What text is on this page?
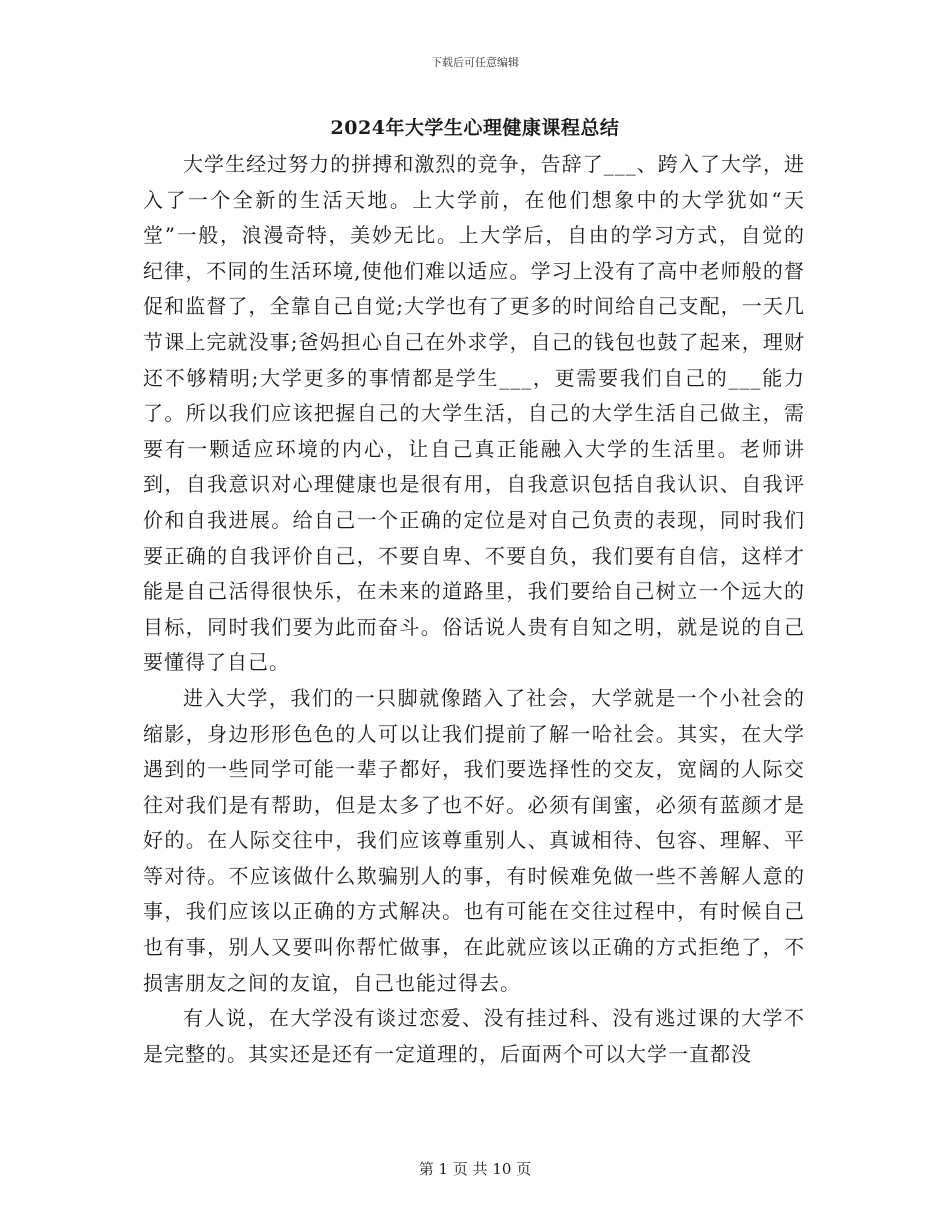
下载后可任意编辑
2024年大学生心理健康课程总结

大学生经过努力的拼搏和激烈的竞争，告辞了___、跨入了大学，进入了一个全新的生活天地。上大学前，在他们想象中的大学犹如“天堂”一般，浪漫奇特，美妙无比。上大学后，自由的学习方式，自觉的纪律，不同的生活环境,使他们难以适应。学习上没有了高中老师般的督促和监督了，全靠自己自觉;大学也有了更多的时间给自己支配，一天几节课上完就没事;爸妈担心自己在外求学，自己的钱包也鼓了起来，理财还不够精明;大学更多的事情都是学生___，更需要我们自己的___能力了。所以我们应该把握自己的大学生活，自己的大学生活自己做主，需要有一颗适应环境的内心，让自己真正能融入大学的生活里。老师讲到，自我意识对心理健康也是很有用，自我意识包括自我认识、自我评价和自我进展。给自己一个正确的定位是对自己负责的表现，同时我们要正确的自我评价自己，不要自卑、不要自负，我们要有自信，这样才能是自己活得很快乐，在未来的道路里，我们要给自己树立一个远大的目标，同时我们要为此而奋斗。俗话说人贵有自知之明，就是说的自己要懂得了自己。

进入大学，我们的一只脚就像踏入了社会，大学就是一个小社会的缩影，身边形形色色的人可以让我们提前了解一哈社会。其实，在大学遇到的一些同学可能一辈子都好，我们要选择性的交友，宽阔的人际交往对我们是有帮助，但是太多了也不好。必须有闺蜜，必须有蓝颜才是好的。在人际交往中，我们应该尊重别人、真诚相待、包容、理解、平等对待。不应该做什么欺骗别人的事，有时候难免做一些不善解人意的事，我们应该以正确的方式解决。也有可能在交往过程中，有时候自己也有事，别人又要叫你帮忙做事，在此就应该以正确的方式拒绝了，不损害朋友之间的友谊，自己也能过得去。

有人说，在大学没有谈过恋爱、没有挂过科、没有逃过课的大学不是完整的。其实还是还有一定道理的，后面两个可以大学一直都没

第 1 页 共 10 页
